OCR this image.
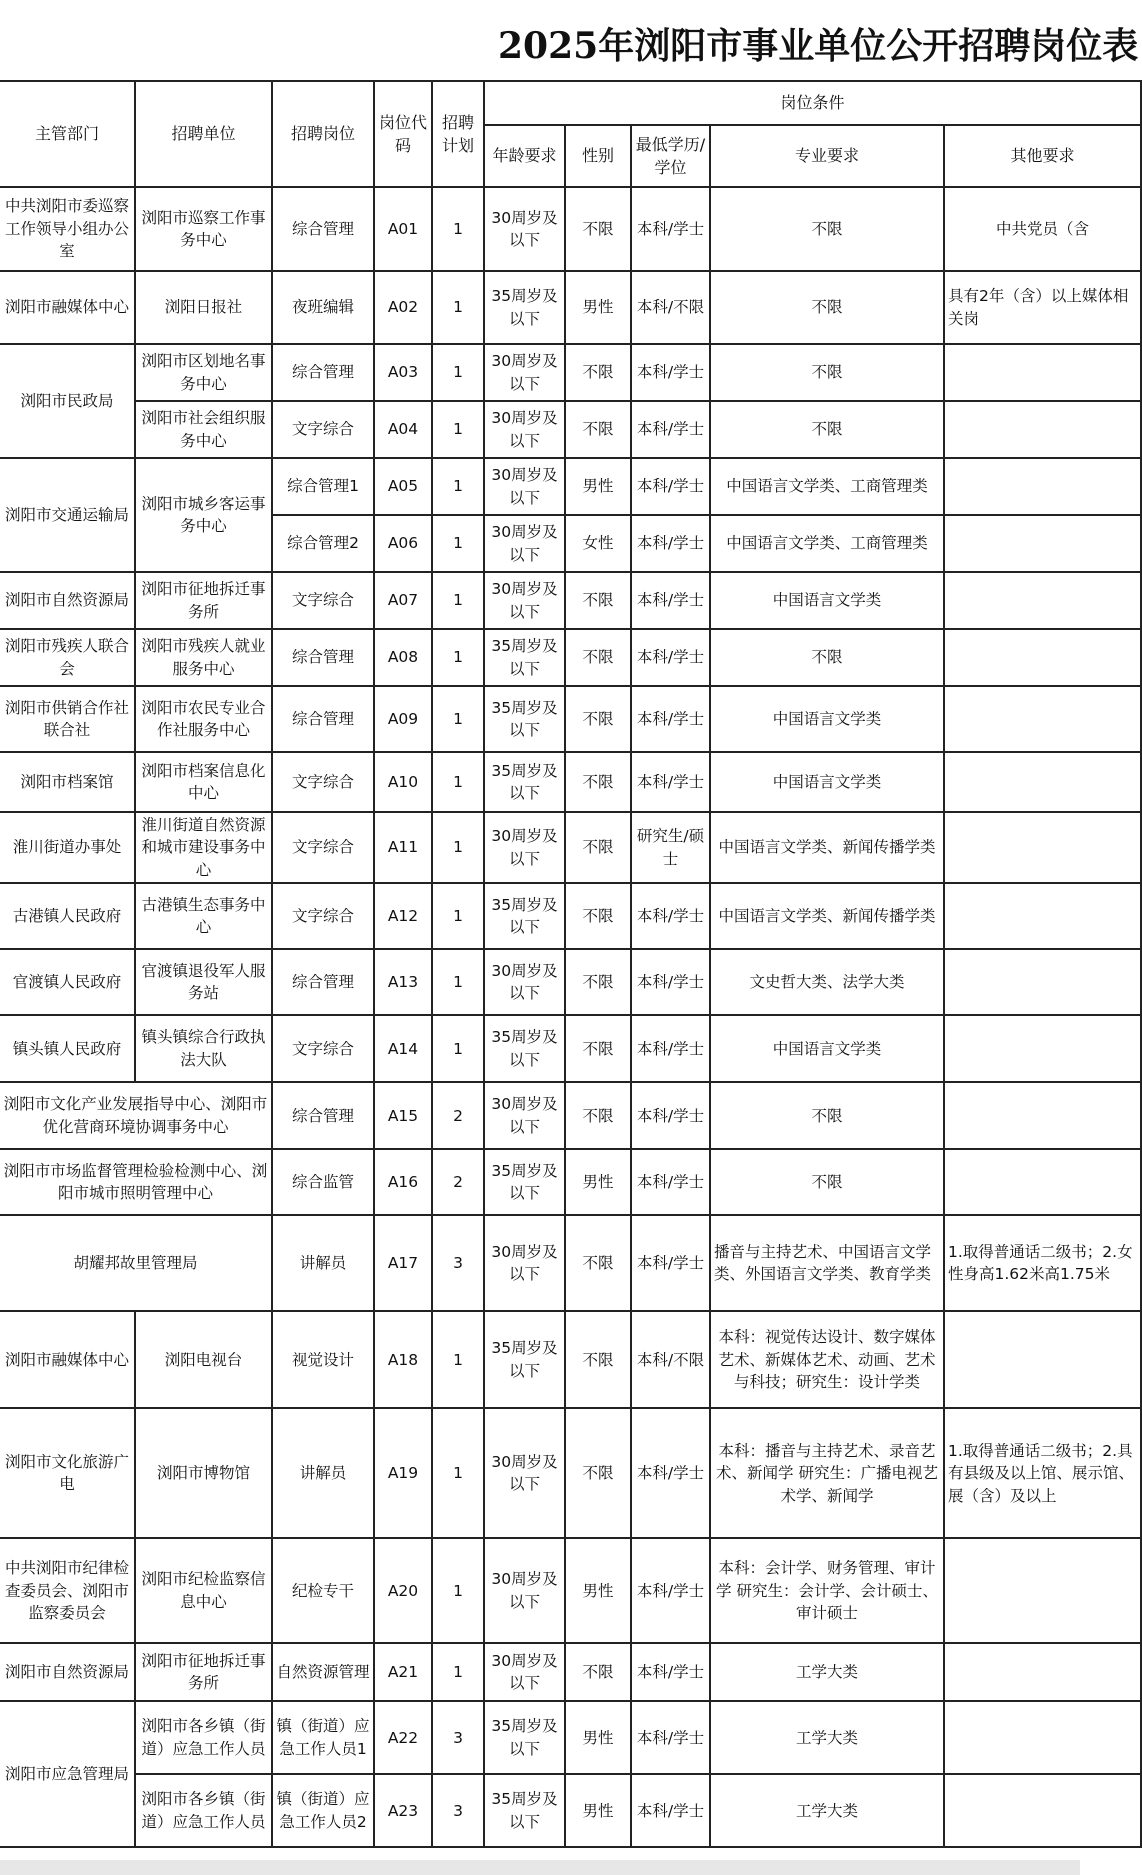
2025年浏阳市事业单位公开招聘岗位表
主管部门	招聘单位	招聘岗位	岗位代码	招聘计划	岗位条件				
					年龄要求	性别	最低学历/学位	专业要求	其他要求
中共浏阳市委巡察工作领导小组办公室	浏阳市巡察工作事务中心	综合管理	A01	1	30周岁及以下	不限	本科/学士	不限	中共党员（含
浏阳市融媒体中心	浏阳日报社	夜班编辑	A02	1	35周岁及以下	男性	本科/不限	不限	具有2年（含）以上媒体相关岗
浏阳市民政局	浏阳市区划地名事务中心	综合管理	A03	1	30周岁及以下	不限	本科/学士	不限	
	浏阳市社会组织服务中心	文字综合	A04	1	30周岁及以下	不限	本科/学士	不限	
浏阳市交通运输局	浏阳市城乡客运事务中心	综合管理1	A05	1	30周岁及以下	男性	本科/学士	中国语言文学类、工商管理类	
		综合管理2	A06	1	30周岁及以下	女性	本科/学士	中国语言文学类、工商管理类	
浏阳市自然资源局	浏阳市征地拆迁事务所	文字综合	A07	1	30周岁及以下	不限	本科/学士	中国语言文学类	
浏阳市残疾人联合会	浏阳市残疾人就业服务中心	综合管理	A08	1	35周岁及以下	不限	本科/学士	不限	
浏阳市供销合作社联合社	浏阳市农民专业合作社服务中心	综合管理	A09	1	35周岁及以下	不限	本科/学士	中国语言文学类	
浏阳市档案馆	浏阳市档案信息化中心	文字综合	A10	1	35周岁及以下	不限	本科/学士	中国语言文学类	
淮川街道办事处	淮川街道自然资源和城市建设事务中心	文字综合	A11	1	30周岁及以下	不限	研究生/硕士	中国语言文学类、新闻传播学类	
古港镇人民政府	古港镇生态事务中心	文字综合	A12	1	35周岁及以下	不限	本科/学士	中国语言文学类、新闻传播学类	
官渡镇人民政府	官渡镇退役军人服务站	综合管理	A13	1	30周岁及以下	不限	本科/学士	文史哲大类、法学大类	
镇头镇人民政府	镇头镇综合行政执法大队	文字综合	A14	1	35周岁及以下	不限	本科/学士	中国语言文学类	
浏阳市文化产业发展指导中心、浏阳市优化营商环境协调事务中心		综合管理	A15	2	30周岁及以下	不限	本科/学士	不限	
浏阳市市场监督管理检验检测中心、浏阳市城市照明管理中心		综合监管	A16	2	35周岁及以下	男性	本科/学士	不限	
胡耀邦故里管理局		讲解员	A17	3	30周岁及以下	不限	本科/学士	播音与主持艺术、中国语言文学类、外国语言文学类、教育学类	1.取得普通话二级书；2.女性身高1.62米高1.75米
浏阳市融媒体中心	浏阳电视台	视觉设计	A18	1	35周岁及以下	不限	本科/不限	本科：视觉传达设计、数字媒体艺术、新媒体艺术、动画、艺术与科技；研究生：设计学类	
浏阳市文化旅游广电	浏阳市博物馆	讲解员	A19	1	30周岁及以下	不限	本科/学士	本科：播音与主持艺术、录音艺术、新闻学 研究生：广播电视艺术学、新闻学	1.取得普通话二级书；2.具有县级及以上馆、展示馆、展（含）及以上
中共浏阳市纪律检查委员会、浏阳市监察委员会	浏阳市纪检监察信息中心	纪检专干	A20	1	30周岁及以下	男性	本科/学士	本科：会计学、财务管理、审计学 研究生：会计学、会计硕士、审计硕士	
浏阳市自然资源局	浏阳市征地拆迁事务所	自然资源管理	A21	1	30周岁及以下	不限	本科/学士	工学大类	
浏阳市应急管理局	浏阳市各乡镇（街道）应急工作人员	镇（街道）应急工作人员1	A22	3	35周岁及以下	男性	本科/学士	工学大类	
	浏阳市各乡镇（街道）应急工作人员	镇（街道）应急工作人员2	A23	3	35周岁及以下	男性	本科/学士	工学大类	
